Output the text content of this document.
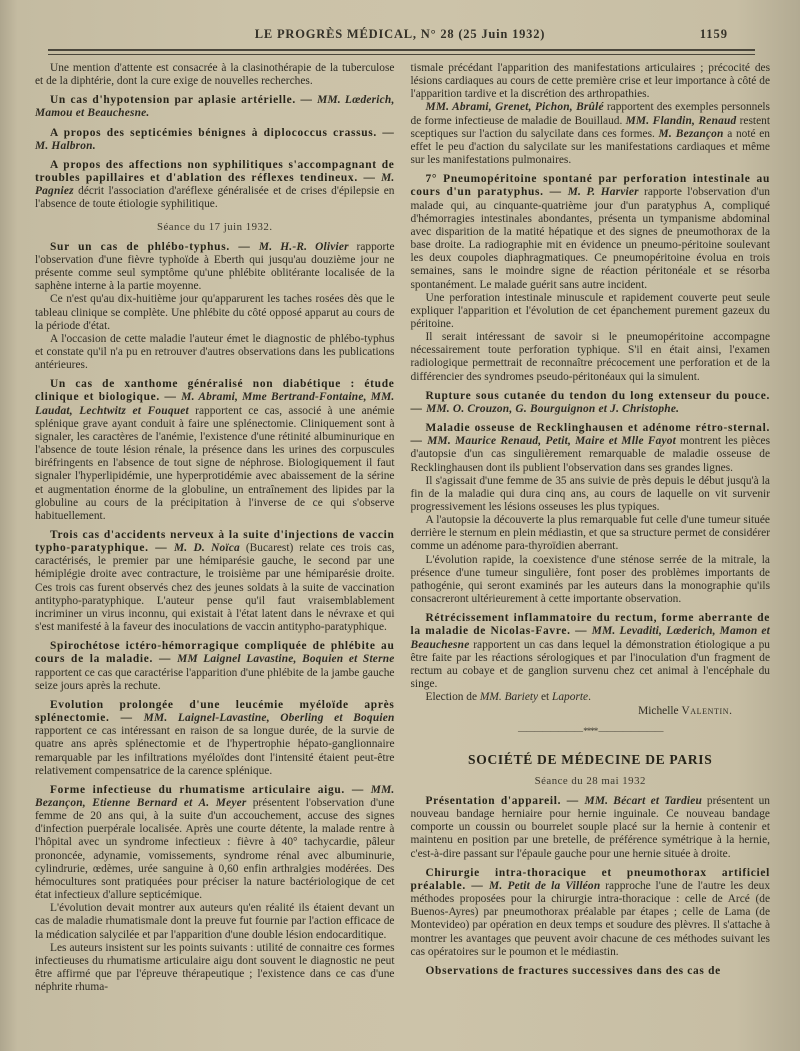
LE PROGRÈS MÉDICAL, N° 28 (25 Juin 1932)	1159

Une mention d'attente est consacrée à la clasinothérapie de la tuberculose et de la diphtérie, dont la cure exige de nouvelles recherches.

Un cas d'hypotension par aplasie artérielle. — MM. Lœderich, Mamou et Beauchesne.

A propos des septicémies bénignes à diplococcus crassus. — M. Halbron.

A propos des affections non syphilitiques s'accompagnant de troubles papillaires et d'ablation des réflexes tendineux. — M. Pagniez décrit l'association d'aréflexe généralisée et de crises d'épilepsie en l'absence de toute étiologie syphilitique.

Séance du 17 juin 1932.

Sur un cas de phlébo-typhus. — M. H.-R. Olivier rapporte l'observation d'une fièvre typhoïde à Eberth qui jusqu'au douzième jour ne présente comme seul symptôme qu'une phlébite oblitérante localisée de la saphène interne à la partie moyenne.

Ce n'est qu'au dix-huitième jour qu'apparurent les taches rosées dès que le tableau clinique se complète. Une phlébite du côté opposé apparut au cours de la période d'état.

A l'occasion de cette maladie l'auteur émet le diagnostic de phlébo-typhus et constate qu'il n'a pu en retrouver d'autres observations dans les publications antérieures.

Un cas de xanthome généralisé non diabétique : étude clinique et biologique. — M. Abrami, Mme Bertrand-Fontaine, MM. Laudat, Lechtwitz et Fouquet rapportent ce cas, associé à une anémie splénique grave ayant conduit à faire une splénectomie. Cliniquement sont à signaler, les caractères de l'anémie, l'existence d'une rétinité albuminurique en l'absence de toute lésion rénale, la présence dans les urines des corpuscules biréfringents en l'absence de tout signe de néphrose. Biologiquement il faut signaler l'hyperlipidémie, une hyperprotidémie avec abaissement de la sérine et augmentation énorme de la globuline, un entraînement des lipides par la globuline au cours de la précipitation à l'inverse de ce qui s'observe habituellement.

Trois cas d'accidents nerveux à la suite d'injections de vaccin typho-paratyphique. — M. D. Noïca (Bucarest) relate ces trois cas, caractérisés, le premier par une hémiparésie gauche, le second par une hémiplégie droite avec contracture, le troisième par une hémiparésie droite. Ces trois cas furent observés chez des jeunes soldats à la suite de vaccination antitypho-paratyphique. L'auteur pense qu'il faut vraisemblablement incriminer un virus inconnu, qui existait à l'état latent dans le névraxe et qui s'est manifesté à la faveur des inoculations de vaccin antitypho-paratyphique.

Spirochétose ictéro-hémorragique compliquée de phlébite au cours de la maladie. — MM Laignel Lavastine, Boquien et Sterne rapportent ce cas que caractérise l'apparition d'une phlébite de la jambe gauche seize jours après la rechute.

Evolution prolongée d'une leucémie myéloïde après splénectomie. — MM. Laignel-Lavastine, Oberling et Boquien rapportent ce cas intéressant en raison de sa longue durée, de la survie de quatre ans après splénectomie et de l'hypertrophie hépato-ganglionnaire remarquable par les infiltrations myéloïdes dont l'intensité étaient peut-être relativement compensatrice de la carence splénique.

Forme infectieuse du rhumatisme articulaire aigu. — MM. Bezançon, Etienne Bernard et A. Meyer présentent l'observation d'une femme de 20 ans qui, à la suite d'un accouchement, accuse des signes d'infection puerpérale localisée. Après une courte détente, la malade rentre à l'hôpital avec un syndrome infectieux : fièvre à 40° tachycardie, pâleur prononcée, adynamie, vomissements, syndrome rénal avec albuminurie, cylindrurie, œdèmes, urée sanguine à 0,60 enfin arthralgies modérées. Des hémocultures sont pratiquées pour préciser la nature bactériologique de cet état infectieux d'allure septicémique.

L'évolution devait montrer aux auteurs qu'en réalité ils étaient devant un cas de maladie rhumatismale dont la preuve fut fournie par l'action efficace de la médication salycilée et par l'apparition d'une double lésion endocarditique.

Les auteurs insistent sur les points suivants : utilité de connaitre ces formes infectieuses du rhumatisme articulaire aigu dont souvent le diagnostic ne peut être affirmé que par l'épreuve thérapeutique ; l'existence dans ce cas d'une néphrite rhuma-

tismale précédant l'apparition des manifestations articulaires ; précocité des lésions cardiaques au cours de cette première crise et leur importance à côté de l'apparition tardive et la discrétion des arthropathies.

MM. Abrami, Grenet, Pichon, Brûlé rapportent des exemples personnels de forme infectieuse de maladie de Bouillaud. MM. Flandin, Renaud restent sceptiques sur l'action du salycilate dans ces formes. M. Bezançon a noté en effet le peu d'action du salycilate sur les manifestations cardiaques et même sur les manifestations pulmonaires.

7° Pneumopéritoine spontané par perforation intestinale au cours d'un paratyphus. — M. P. Harvier rapporte l'observation d'un malade qui, au cinquante-quatrième jour d'un paratyphus A, compliqué d'hémorragies intestinales abondantes, présenta un tympanisme abdominal avec disparition de la matité hépatique et des signes de pneumothorax de la base droite. La radiographie mit en évidence un pneumo-péritoine soulevant les deux coupoles diaphragmatiques. Ce pneumopéritoine évolua en trois semaines, sans le moindre signe de réaction péritonéale et se résorba spontanément. Le malade guérit sans autre incident.

Une perforation intestinale minuscule et rapidement couverte peut seule expliquer l'apparition et l'évolution de cet épanchement purement gazeux du péritoine.

Il serait intéressant de savoir si le pneumopéritoine accompagne nécessairement toute perforation typhique. S'il en était ainsi, l'examen radiologique permettrait de reconnaître précocement une perforation et de la différencier des syndromes pseudo-péritonéaux qui la simulent.

Rupture sous cutanée du tendon du long extenseur du pouce. — MM. O. Crouzon, G. Bourguignon et J. Christophe.

Maladie osseuse de Recklinghausen et adénome rétro-sternal. — MM. Maurice Renaud, Petit, Maire et Mlle Fayot montrent les pièces d'autopsie d'un cas singulièrement remarquable de maladie osseuse de Recklinghausen dont ils publient l'observation dans ses grandes lignes.

Il s'agissait d'une femme de 35 ans suivie de près depuis le début jusqu'à la fin de la maladie qui dura cinq ans, au cours de laquelle on vit survenir progressivement les lésions osseuses les plus typiques.

A l'autopsie la découverte la plus remarquable fut celle d'une tumeur située derrière le sternum en plein médiastin, et que sa structure permet de considérer comme un adénome para-thyroïdien aberrant.

L'évolution rapide, la coexistence d'une sténose serrée de la mitrale, la présence d'une tumeur singulière, font poser des problèmes importants de pathogénie, qui seront examinés par les auteurs dans la monographie qu'ils consacreront ultérieurement à cette importante observation.

Rétrécissement inflammatoire du rectum, forme aberrante de la maladie de Nicolas-Favre. — MM. Levaditi, Lœderich, Mamon et Beauchesne rapportent un cas dans lequel la démonstration étiologique a pu être faite par les réactions sérologiques et par l'inoculation d'un fragment de rectum au cobaye et de ganglion survenu chez cet animal à l'encéphale du singe.

Election de MM. Bariety et Laporte.

Michelle Valentin.

———————— **** ————————

SOCIÉTÉ DE MÉDECINE DE PARIS

Séance du 28 mai 1932

Présentation d'appareil. — MM. Bécart et Tardieu présentent un nouveau bandage herniaire pour hernie inguinale. Ce nouveau bandage comporte un coussin ou bourrelet souple placé sur la hernie à contenir et maintenu en position par une bretelle, de préférence symétrique à la hernie, c'est-à-dire passant sur l'épaule gauche pour une hernie située à droite.

Chirurgie intra-thoracique et pneumothorax artificiel préalable. — M. Petit de la Villéon rapproche l'une de l'autre les deux méthodes proposées pour la chirurgie intra-thoracique : celle de Arcé (de Buenos-Ayres) par pneumothorax préalable par étapes ; celle de Lama (de Montevideo) par opération en deux temps et soudure des plèvres. Il s'attache à montrer les avantages que peuvent avoir chacune de ces méthodes suivant les cas opératoires sur le poumon et le médiastin.

Observations de fractures successives dans des cas de
